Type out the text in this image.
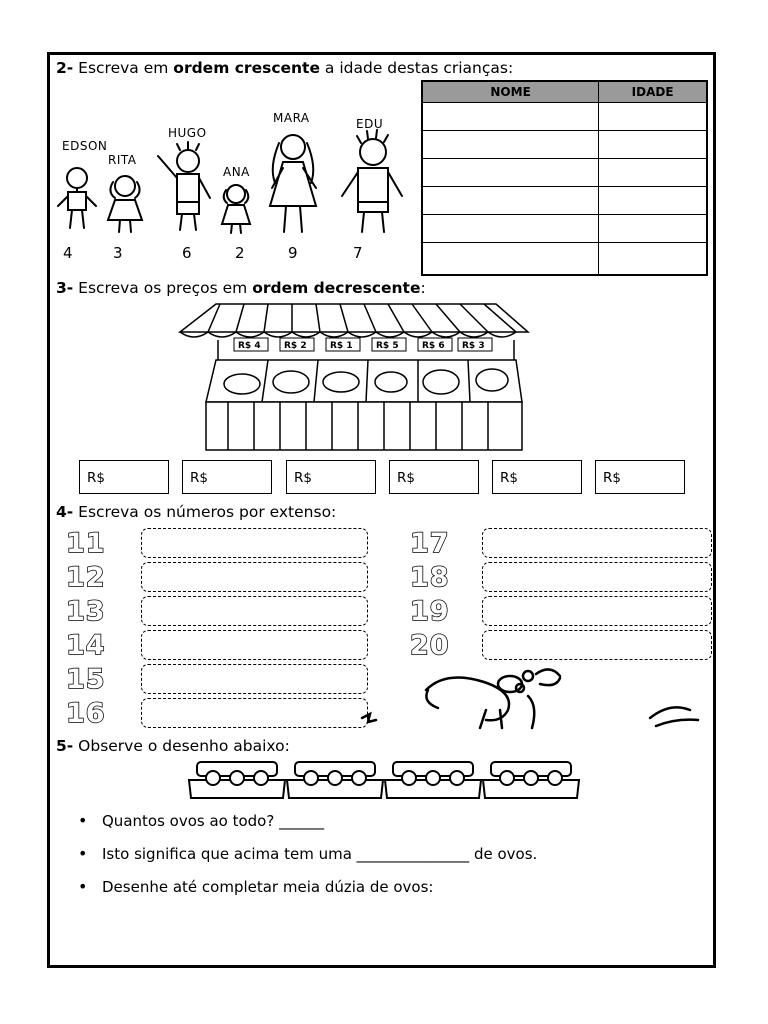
2- Escreva em ordem crescente a idade destas crianças:
EDSON
RITA
HUGO
ANA
MARA	EDU
4	3	6	2	9	7
NOME	IDADE

3- Escreva os preços em ordem decrescente:
R$ 4	R$ 2	R$ 1	R$ 5	R$ 6 R$ 3
R$	R$	R$	R$	R$	R$
4- Escreva os números por extenso:
11
12
13
14
15
16
17
18
19
20
5- Observe o desenho abaixo:
• Quantos ovos ao todo? ______
• Isto significa que acima tem uma _______________ de ovos.
• Desenhe até completar meia dúzia de ovos:
